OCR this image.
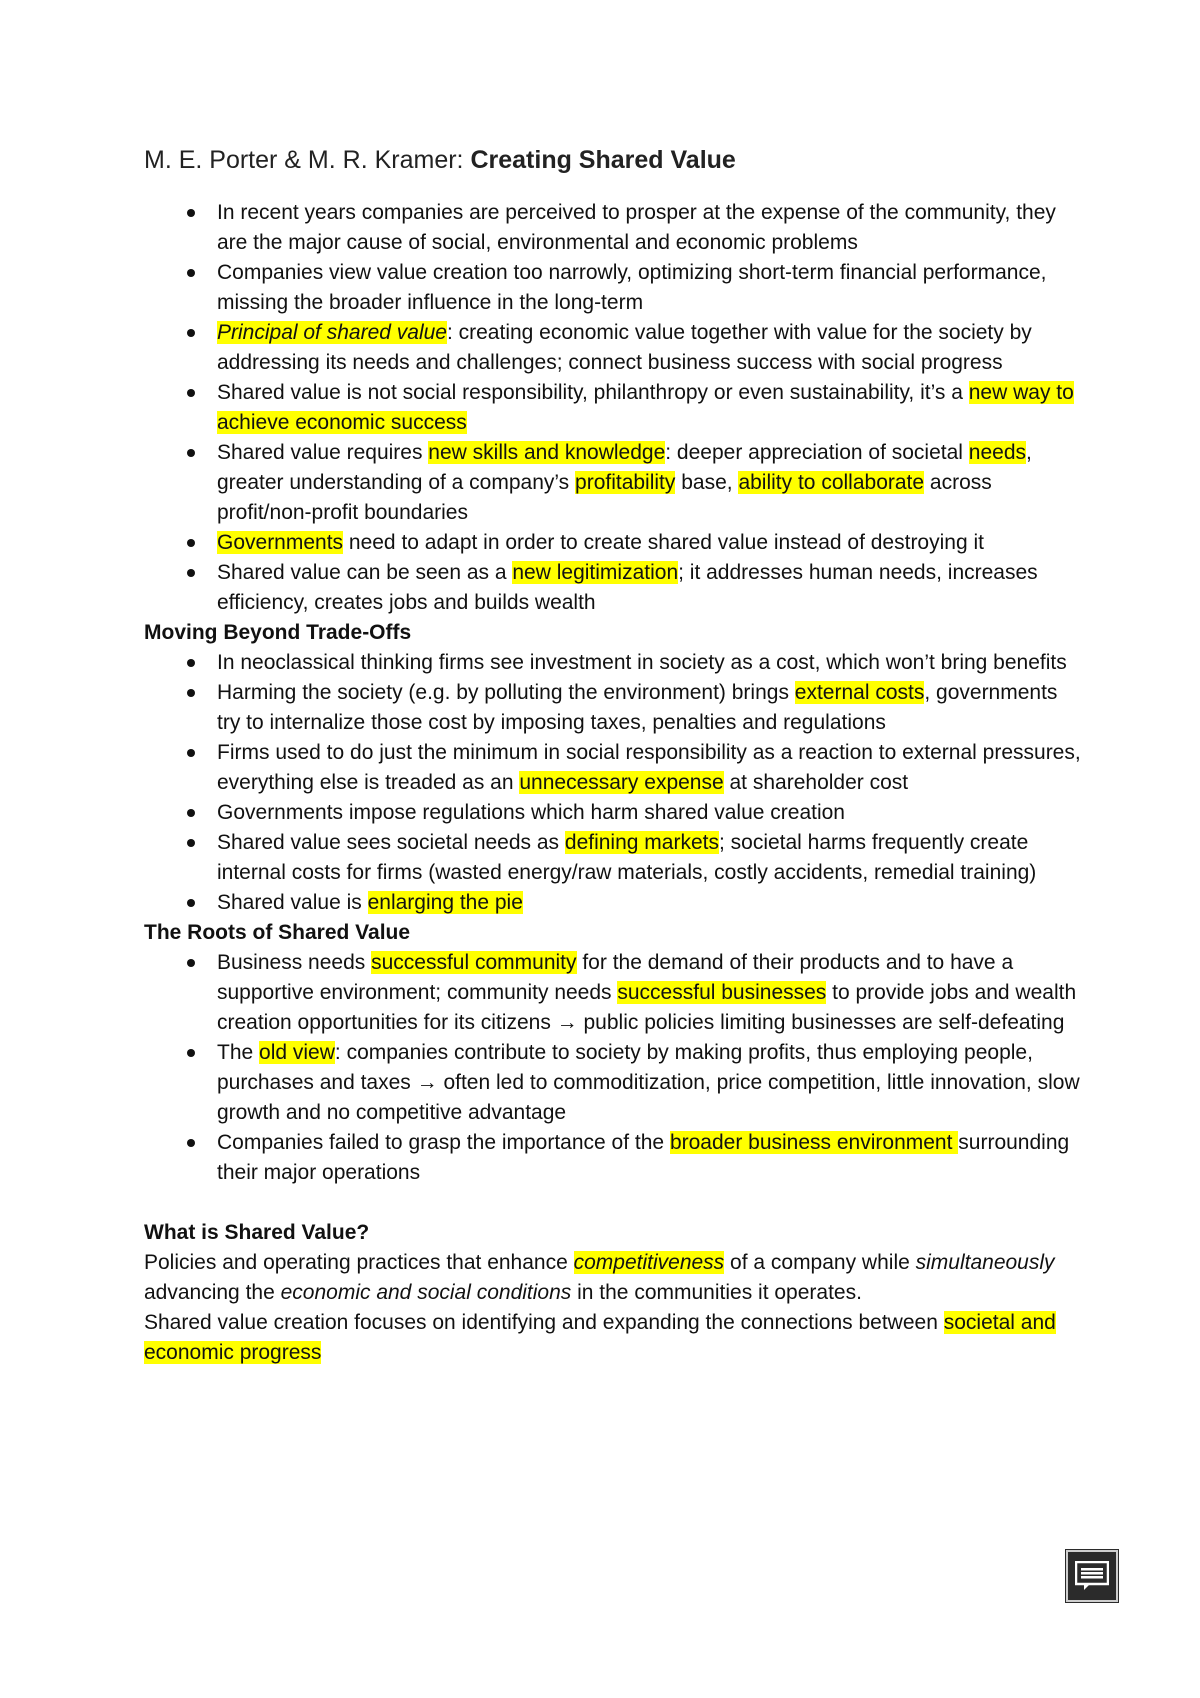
M. E. Porter & M. R. Kramer: Creating Shared Value
In recent years companies are perceived to prosper at the expense of the community, they are the major cause of social, environmental and economic problems
Companies view value creation too narrowly, optimizing short-term financial performance, missing the broader influence in the long-term
Principal of shared value: creating economic value together with value for the society by addressing its needs and challenges; connect business success with social progress
Shared value is not social responsibility, philanthropy or even sustainability, it’s a new way to achieve economic success
Shared value requires new skills and knowledge: deeper appreciation of societal needs, greater understanding of a company’s profitability base, ability to collaborate across profit/non-profit boundaries
Governments need to adapt in order to create shared value instead of destroying it
Shared value can be seen as a new legitimization; it addresses human needs, increases efficiency, creates jobs and builds wealth
Moving Beyond Trade-Offs
In neoclassical thinking firms see investment in society as a cost, which won’t bring benefits
Harming the society (e.g. by polluting the environment) brings external costs, governments try to internalize those cost by imposing taxes, penalties and regulations
Firms used to do just the minimum in social responsibility as a reaction to external pressures, everything else is treaded as an unnecessary expense at shareholder cost
Governments impose regulations which harm shared value creation
Shared value sees societal needs as defining markets; societal harms frequently create internal costs for firms (wasted energy/raw materials, costly accidents, remedial training)
Shared value is enlarging the pie
The Roots of Shared Value
Business needs successful community for the demand of their products and to have a supportive environment; community needs successful businesses to provide jobs and wealth creation opportunities for its citizens → public policies limiting businesses are self-defeating
The old view: companies contribute to society by making profits, thus employing people, purchases and taxes → often led to commoditization, price competition, little innovation, slow growth and no competitive advantage
Companies failed to grasp the importance of the broader business environment surrounding their major operations
What is Shared Value?

Policies and operating practices that enhance competitiveness of a company while simultaneously advancing the economic and social conditions in the communities it operates.

Shared value creation focuses on identifying and expanding the connections between societal and economic progress
